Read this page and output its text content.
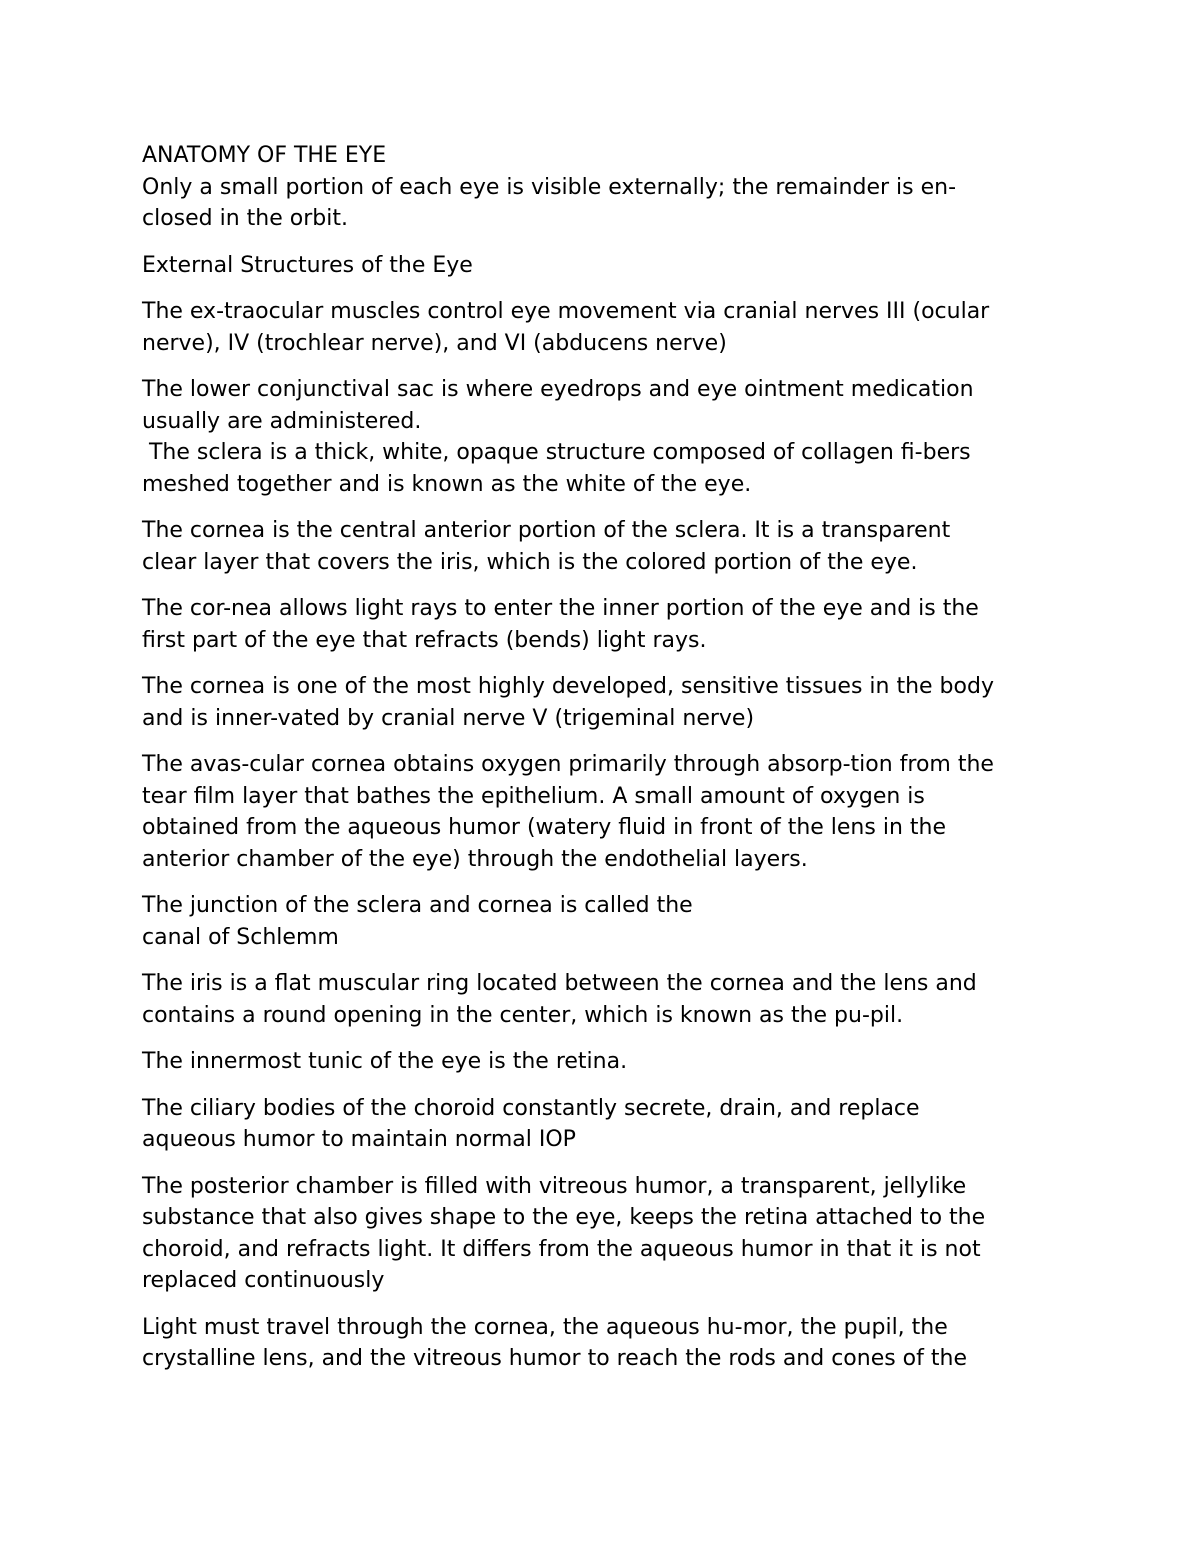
ANATOMY OF THE EYE
Only a small portion of each eye is visible externally; the remainder is en-
closed in the orbit.
External Structures of the Eye
The ex-traocular muscles control eye movement via cranial nerves III (ocular
nerve), IV (trochlear nerve), and VI (abducens nerve)
The lower conjunctival sac is where eyedrops and eye ointment medication
usually are administered.
The sclera is a thick, white, opaque structure composed of collagen fi-bers
meshed together and is known as the white of the eye.
The cornea is the central anterior portion of the sclera. It is a transparent
clear layer that covers the iris, which is the colored portion of the eye.
The cor-nea allows light rays to enter the inner portion of the eye and is the
first part of the eye that refracts (bends) light rays.
The cornea is one of the most highly developed, sensitive tissues in the body
and is inner-vated by cranial nerve V (trigeminal nerve)
The avas-cular cornea obtains oxygen primarily through absorp-tion from the
tear film layer that bathes the epithelium. A small amount of oxygen is
obtained from the aqueous humor (watery fluid in front of the lens in the
anterior chamber of the eye) through the endothelial layers.
The junction of the sclera and cornea is called the
canal of Schlemm
The iris is a flat muscular ring located between the cornea and the lens and
contains a round opening in the center, which is known as the pu-pil.
The innermost tunic of the eye is the retina.
The ciliary bodies of the choroid constantly secrete, drain, and replace
aqueous humor to maintain normal IOP
The posterior chamber is filled with vitreous humor, a transparent, jellylike
substance that also gives shape to the eye, keeps the retina attached to the
choroid, and refracts light. It differs from the aqueous humor in that it is not
replaced continuously
Light must travel through the cornea, the aqueous hu-mor, the pupil, the
crystalline lens, and the vitreous humor to reach the rods and cones of the
